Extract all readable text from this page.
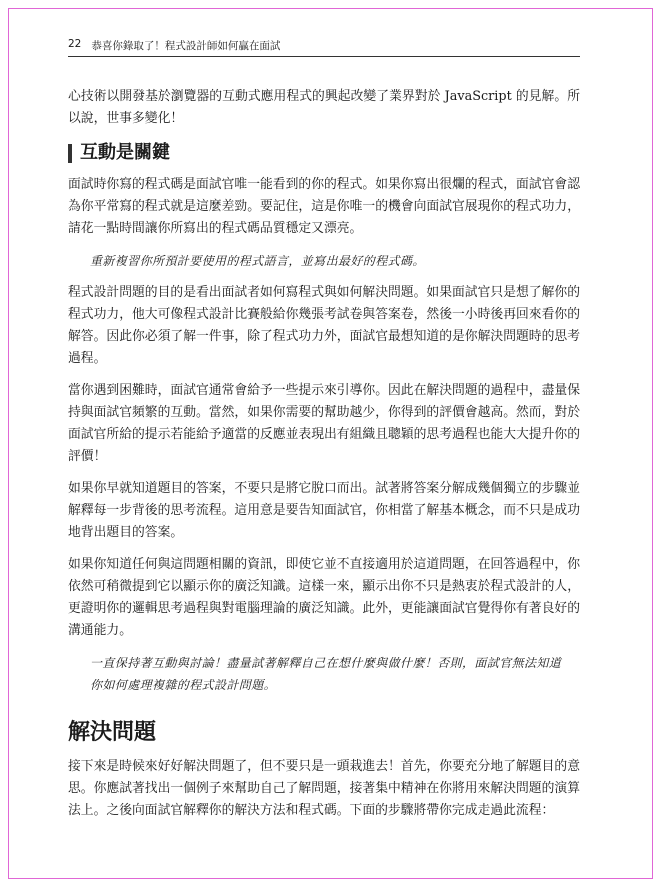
22 恭喜你錄取了！程式設計師如何贏在面試

心技術以開發基於瀏覽器的互動式應用程式的興起改變了業界對於 JavaScript 的見解。所以說，世事多變化！

互動是關鍵

面試時你寫的程式碼是面試官唯一能看到的你的程式。如果你寫出很爛的程式，面試官會認為你平常寫的程式就是這麼差勁。要記住，這是你唯一的機會向面試官展現你的程式功力，請花一點時間讓你所寫出的程式碼品質穩定又漂亮。

重新複習你所預計要使用的程式語言，並寫出最好的程式碼。

程式設計問題的目的是看出面試者如何寫程式與如何解決問題。如果面試官只是想了解你的程式功力，他大可像程式設計比賽般給你幾張考試卷與答案卷，然後一小時後再回來看你的解答。因此你必須了解一件事，除了程式功力外，面試官最想知道的是你解決問題時的思考過程。

當你遇到困難時，面試官通常會給予一些提示來引導你。因此在解決問題的過程中，盡量保持與面試官頻繁的互動。當然，如果你需要的幫助越少，你得到的評價會越高。然而，對於面試官所給的提示若能給予適當的反應並表現出有組織且聰穎的思考過程也能大大提升你的評價！

如果你早就知道題目的答案，不要只是將它脫口而出。試著將答案分解成幾個獨立的步驟並解釋每一步背後的思考流程。這用意是要告知面試官，你相當了解基本概念，而不只是成功地背出題目的答案。

如果你知道任何與這問題相關的資訊，即使它並不直接適用於這道問題，在回答過程中，你依然可稍微提到它以顯示你的廣泛知識。這樣一來，顯示出你不只是熱衷於程式設計的人，更證明你的邏輯思考過程與對電腦理論的廣泛知識。此外，更能讓面試官覺得你有著良好的溝通能力。

一直保持著互動與討論！盡量試著解釋自己在想什麼與做什麼！否則，面試官無法知道你如何處理複雜的程式設計問題。
解決問題

接下來是時候來好好解決問題了，但不要只是一頭栽進去！首先，你要充分地了解題目的意思。你應試著找出一個例子來幫助自己了解問題，接著集中精神在你將用來解決問題的演算法上。之後向面試官解釋你的解決方法和程式碼。下面的步驟將帶你完成走過此流程：
